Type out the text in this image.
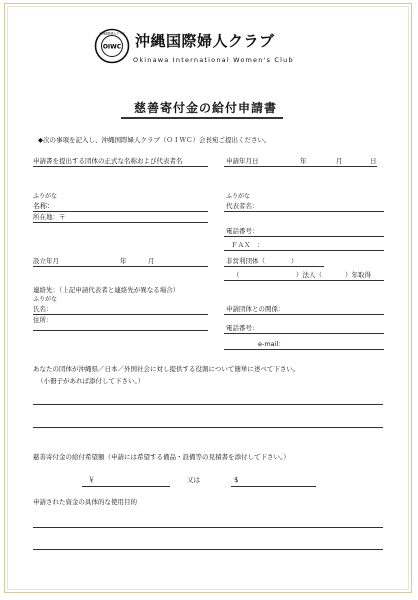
OIWC
沖縄国際婦人クラブ 沖縄国際婦人クラブ
Okinawa International Women's Club
慈善寄付金の給付申請書
◆次の事項を記入し、沖縄国際婦人クラブ（ＯＩＷＣ）会長宛ご提出ください。
申請書を提出する団体の正式な名称および代表者名	申請年月日	年	月	日
ふりがな
名称：
所在地：〒
ふりがな
代表者名：
電話番号：
ＦＡＸ　：
設立年月	年	月	非営利団体（　　　　）
（	）法人（	）年取得
連絡先：（上記申請代表者と連絡先が異なる場合）
ふりがな
氏名：
住所：
申請団体との関係：
電話番号：
e-mail：
あなたの団体が沖縄県／日本／外国社会に対し提供する役割について簡単に述べて下さい。
（小冊子があれば添付して下さい。）
慈善寄付金の給付希望額（申請には希望する備品・設備等の見積書を添付して下さい。）
￥	又は	$
申請された資金の具体的な使用目的
